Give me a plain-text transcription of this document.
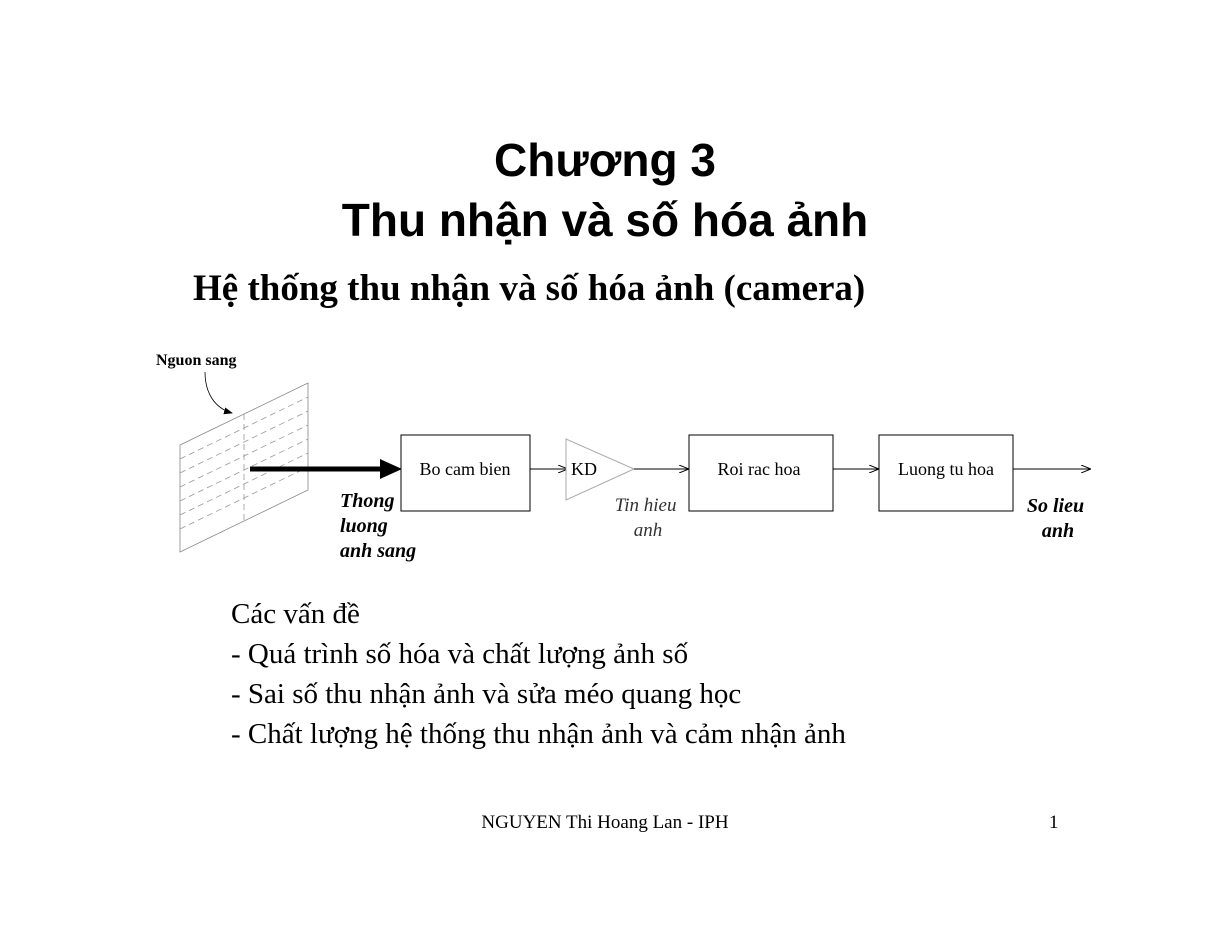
Chương 3
Thu nhận và số hóa ảnh
Hệ thống thu nhận và số hóa ảnh (camera)
Nguon sang
Thong luong anh sang
Bo cam bien	KD
Tin hieu anh
Roi rac hoa	Luong tu hoa
So lieu anh
Các vấn đề
- Quá trình số hóa và chất lượng ảnh số
- Sai số thu nhận ảnh và sửa méo quang học
- Chất lượng hệ thống thu nhận ảnh và cảm nhận ảnh
NGUYEN Thi Hoang Lan - IPH	1
